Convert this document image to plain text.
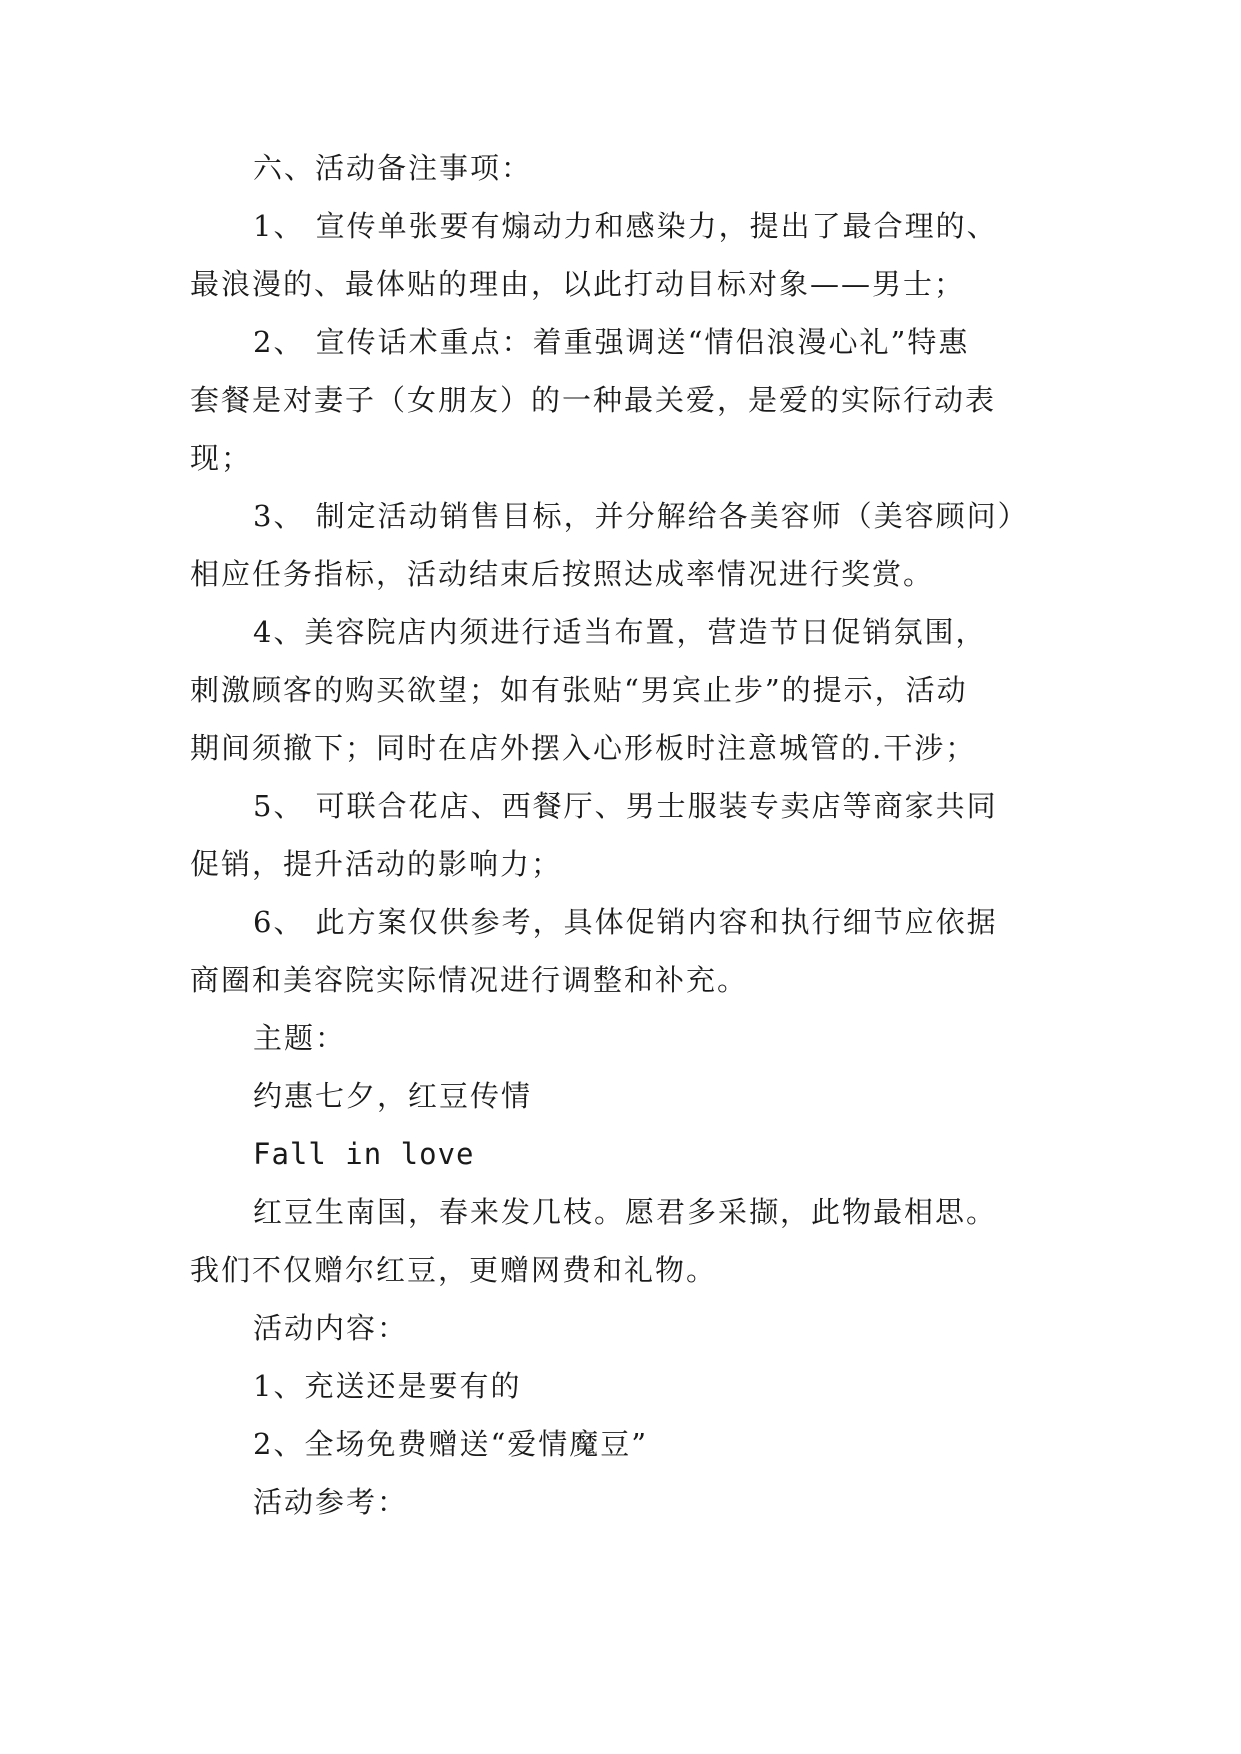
六、活动备注事项：
1、 宣传单张要有煽动力和感染力，提出了最合理的、
最浪漫的、最体贴的理由，以此打动目标对象——男士；
2、 宣传话术重点：着重强调送“情侣浪漫心礼”特惠
套餐是对妻子（女朋友）的一种最关爱，是爱的实际行动表
现；
3、 制定活动销售目标，并分解给各美容师（美容顾问）
相应任务指标，活动结束后按照达成率情况进行奖赏。
4、美容院店内须进行适当布置，营造节日促销氛围，
刺激顾客的购买欲望；如有张贴“男宾止步”的提示，活动
期间须撤下；同时在店外摆入心形板时注意城管的.干涉；
5、 可联合花店、西餐厅、男士服装专卖店等商家共同
促销，提升活动的影响力；
6、 此方案仅供参考，具体促销内容和执行细节应依据
商圈和美容院实际情况进行调整和补充。
主题：
约惠七夕，红豆传情
Fall in love
红豆生南国，春来发几枝。愿君多采撷，此物最相思。
我们不仅赠尔红豆，更赠网费和礼物。
活动内容：
1、充送还是要有的
2、全场免费赠送“爱情魔豆”
活动参考：
